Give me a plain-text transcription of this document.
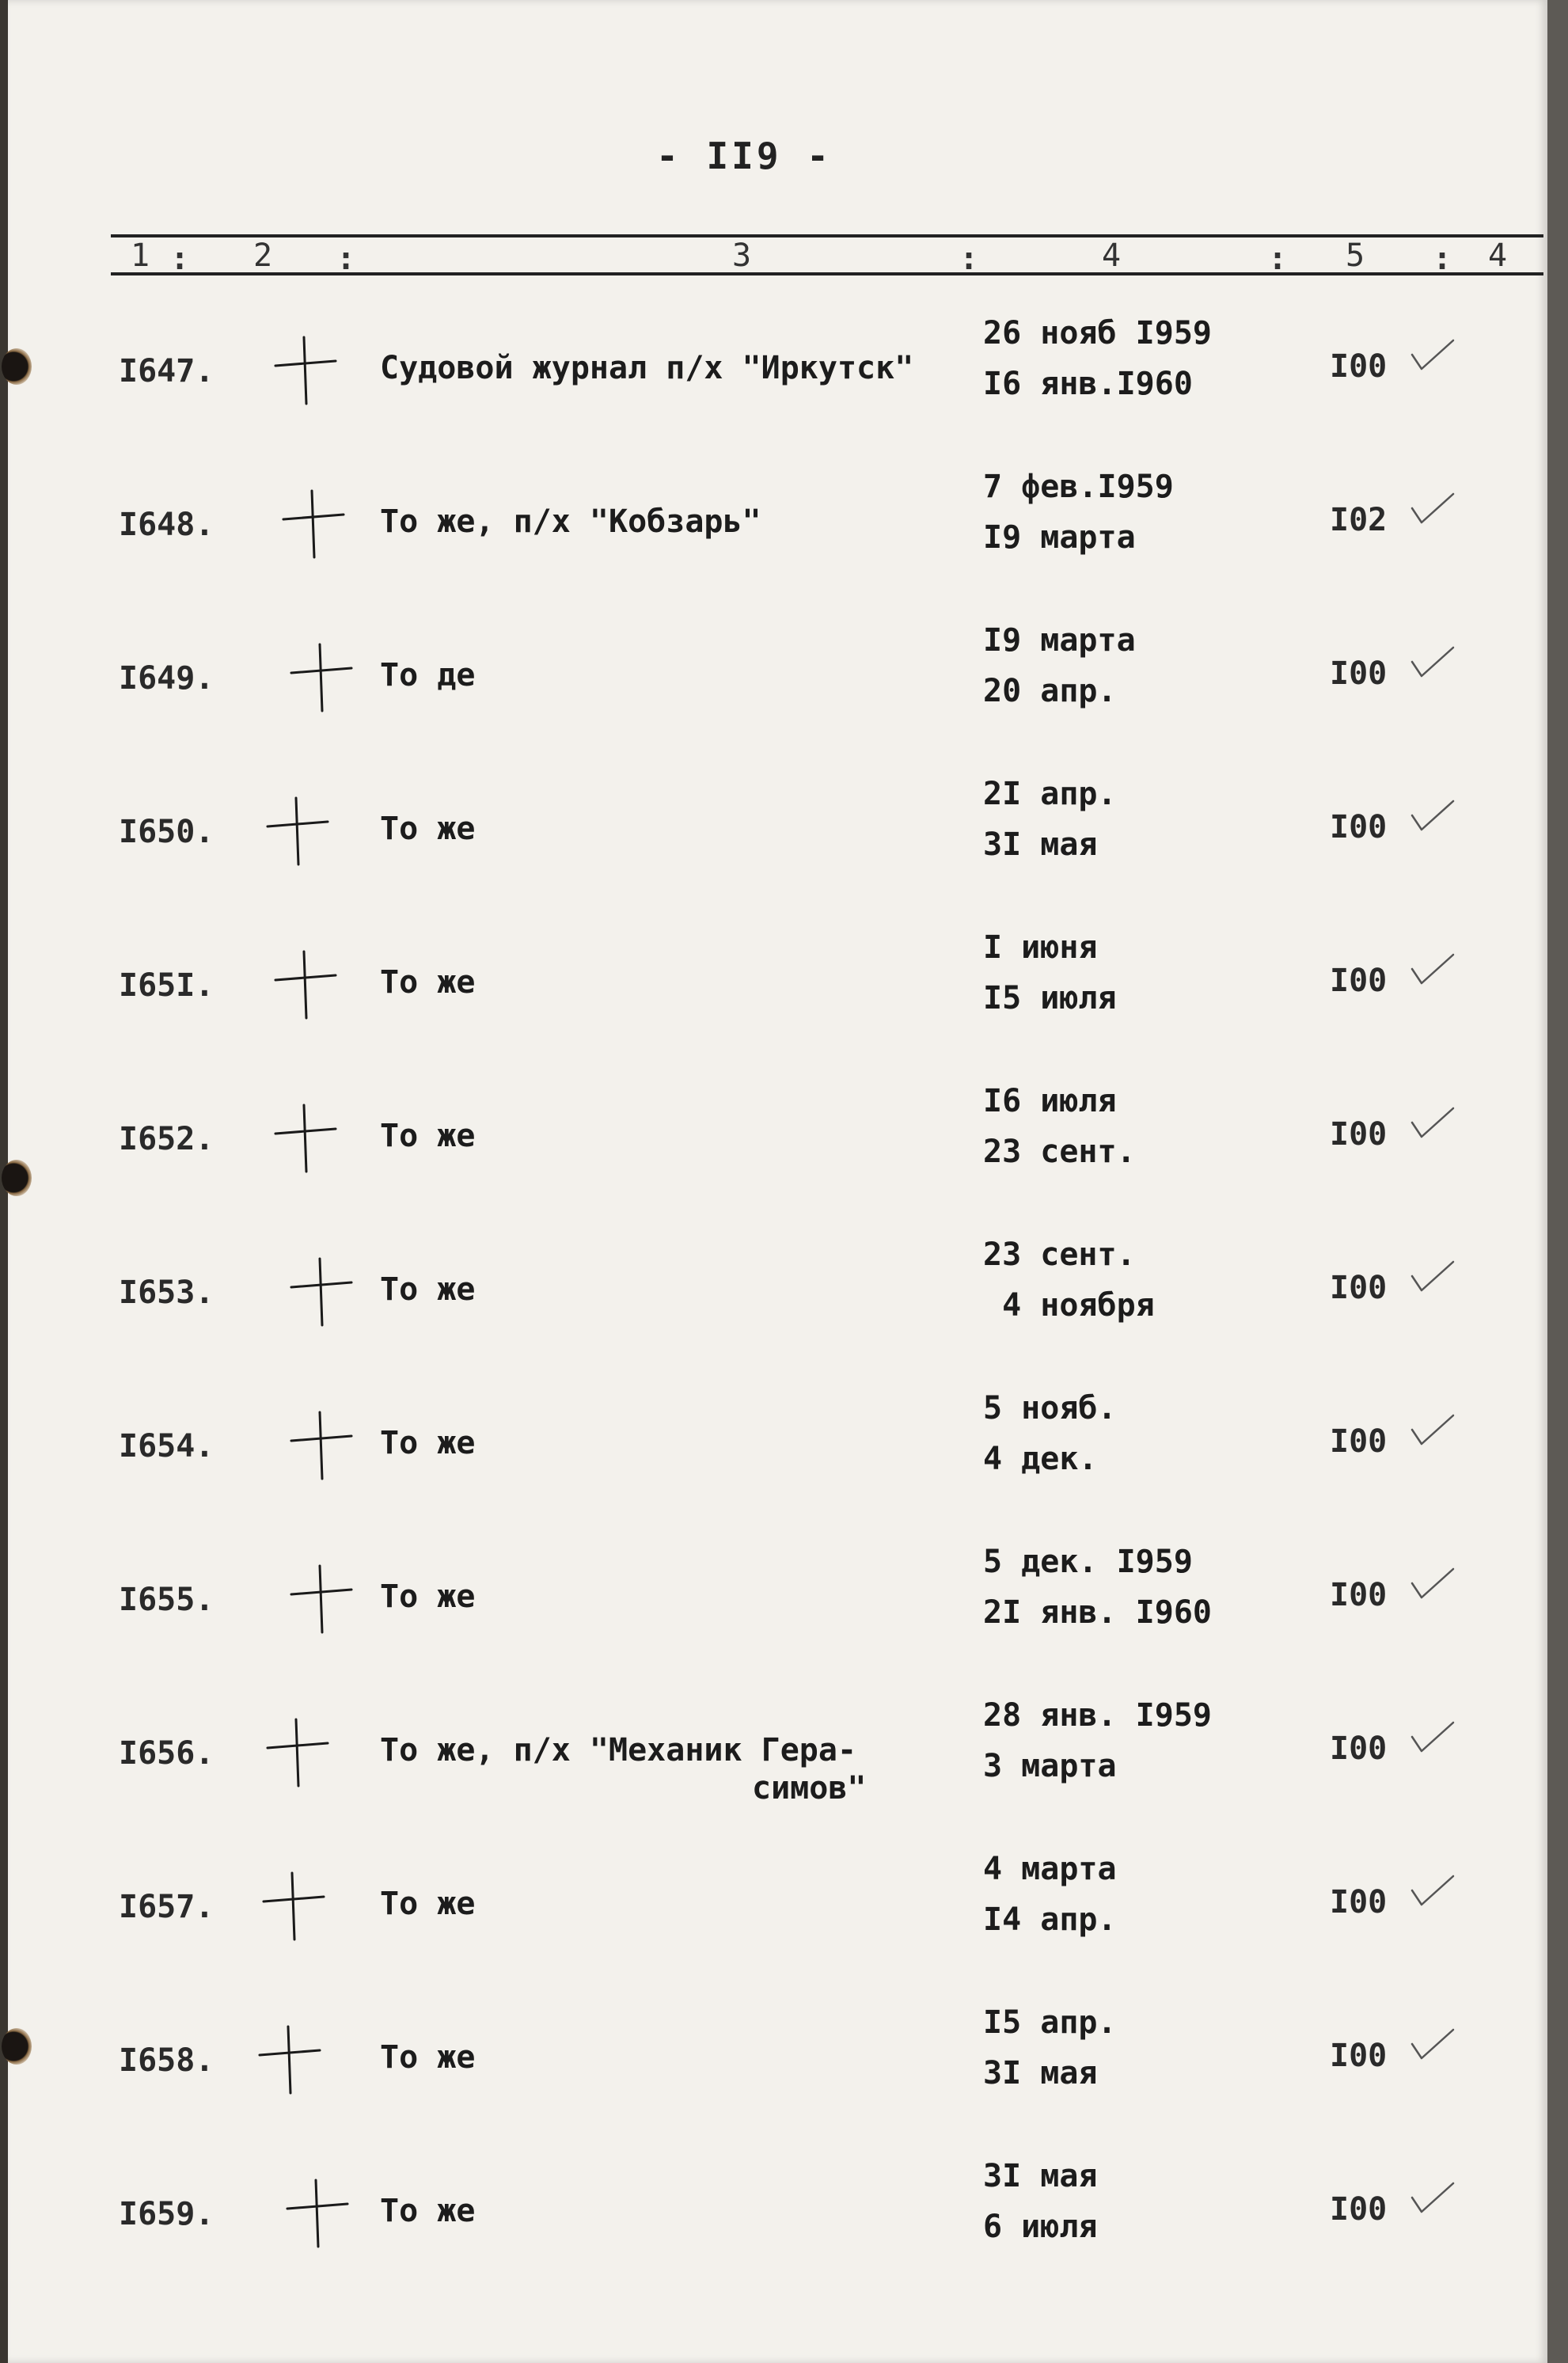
- II9 -
1 : 2 :	3	:	4	: 5 : 4
I647.	Судовой журнал п/х "Иркутск"
26 нояб I959
I6 янв.I960	I00
I648.	То же, п/х "Кобзарь"
7 фев.I959
I9 марта	I02
I649.	То де
I9 марта
20 апр.	I00
I650.	То же
2I апр.
3I мая	I00
I65I.	То же
I июня
I5 июля	I00
I652.	То же
I6 июля
23 сент.	I00
I653.	То же
23 сент.
4 ноября	I00
I654.	То же
5 нояб.
4 дек.	I00
I655.	То же
5 дек. I959
2I янв. I960	I00
I656.	То же, п/х "Механик Гера-
симов"
28 янв. I959
3 марта	I00
I657.	То же
4 марта
I4 апр.	I00
I658.	То же
I5 апр.
3I мая	I00
I659.	То же
3I мая
6 июля	I00
